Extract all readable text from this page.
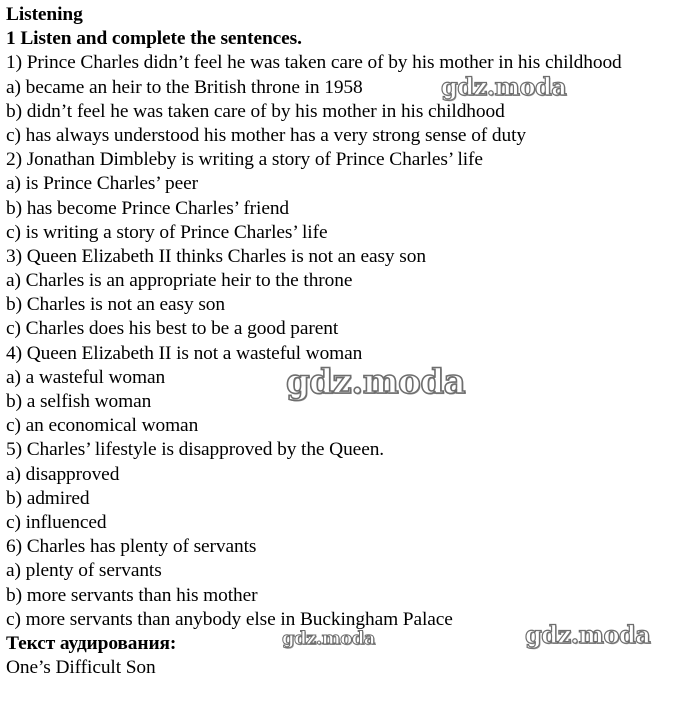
Listening
1 Listen and complete the sentences.
1) Prince Charles didn’t feel he was taken care of by his mother in his childhood
a) became an heir to the British throne in 1958
b) didn’t feel he was taken care of by his mother in his childhood
c) has always understood his mother has a very strong sense of duty
2) Jonathan Dimbleby is writing a story of Prince Charles’ life
a) is Prince Charles’ peer
b) has become Prince Charles’ friend
c) is writing a story of Prince Charles’ life
3) Queen Elizabeth II thinks Charles is not an easy son
a) Charles is an appropriate heir to the throne
b) Charles is not an easy son
c) Charles does his best to be a good parent
4) Queen Elizabeth II is not a wasteful woman
a) a wasteful woman
b) a selfish woman
c) an economical woman
5) Charles’ lifestyle is disapproved by the Queen.
a) disapproved
b) admired
c) influenced
6) Charles has plenty of servants
a) plenty of servants
b) more servants than his mother
c) more servants than anybody else in Buckingham Palace
Текст аудирования:
One’s Difficult Son
gdz.moda
gdz.moda
gdz.moda	gdz.moda
